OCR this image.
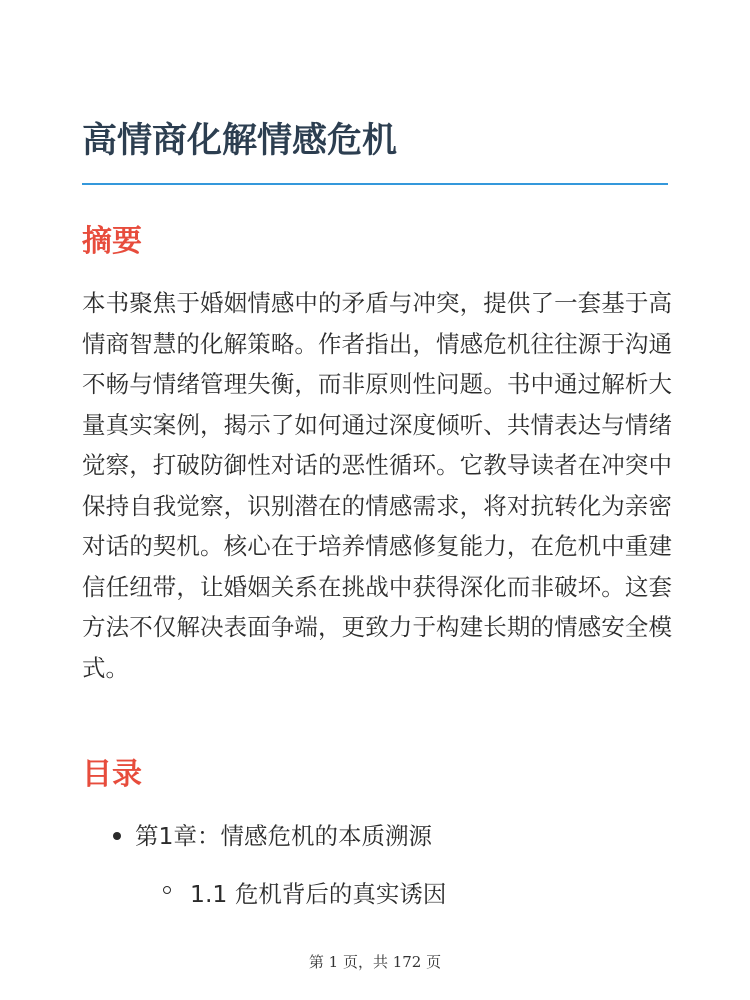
高情商化解情感危机
摘要

本书聚焦于婚姻情感中的矛盾与冲突，提供了一套基于高情商智慧的化解策略。作者指出，情感危机往往源于沟通不畅与情绪管理失衡，而非原则性问题。书中通过解析大量真实案例，揭示了如何通过深度倾听、共情表达与情绪觉察，打破防御性对话的恶性循环。它教导读者在冲突中保持自我觉察，识别潜在的情感需求，将对抗转化为亲密对话的契机。核心在于培养情感修复能力，在危机中重建信任纽带，让婚姻关系在挑战中获得深化而非破坏。这套方法不仅解决表面争端，更致力于构建长期的情感安全模式。

目录
第1章：情感危机的本质溯源
1.1 危机背后的真实诱因
第 1 页，共 172 页
